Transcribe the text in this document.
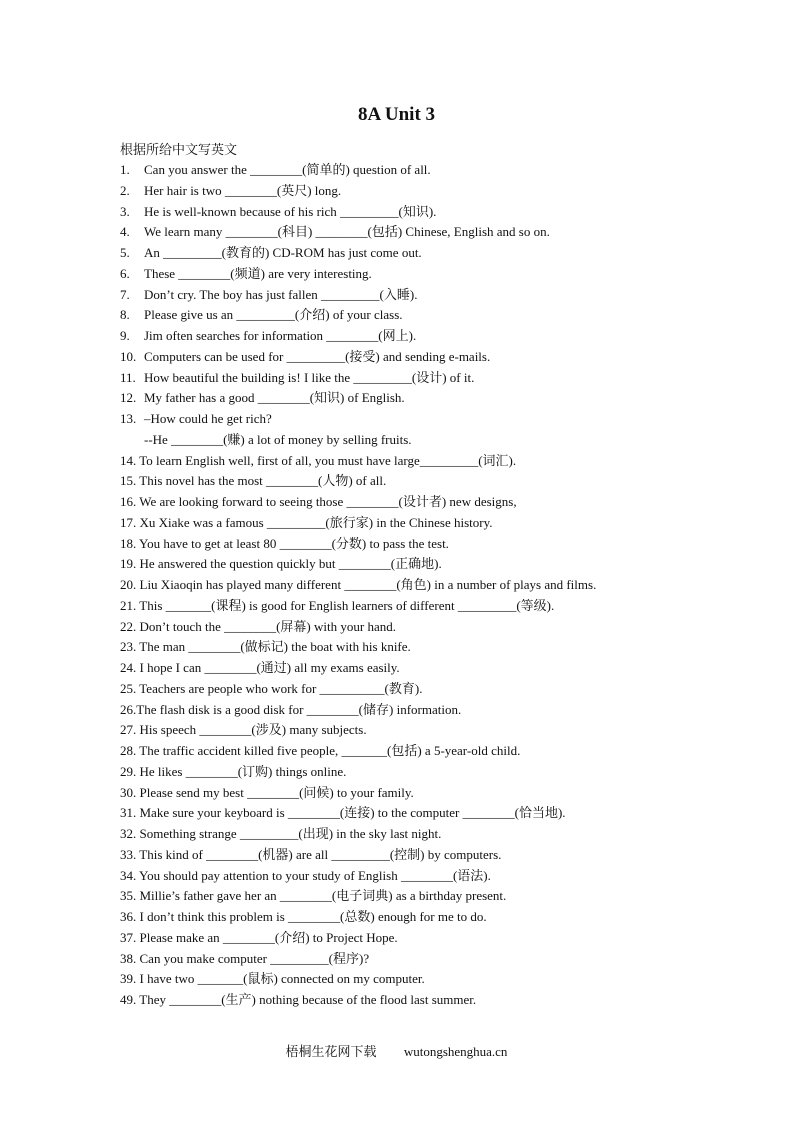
8A Unit 3
根据所给中文写英文
1. Can you answer the ________(简单的) question of all.
2. Her hair is two ________(英尺) long.
3. He is well-known because of his rich _________(知识).
4. We learn many ________(科目) ________(包括) Chinese, English and so on.
5. An _________(教育的) CD-ROM has just come out.
6. These ________(频道) are very interesting.
7. Don’t cry. The boy has just fallen _________(入睡).
8. Please give us an _________(介绍) of your class.
9. Jim often searches for information ________(网上).
10. Computers can be used for _________(接受) and sending e-mails.
11. How beautiful the building is! I like the _________(设计) of it.
12. My father has a good ________(知识) of English.
13. –How could he get rich?
--He ________(赚) a lot of money by selling fruits.
14. To learn English well, first of all, you must have large_________(词汇).
15. This novel has the most ________(人物) of all.
16. We are looking forward to seeing those ________(设计者) new designs,
17. Xu Xiake was a famous _________(旅行家) in the Chinese history.
18. You have to get at least 80 ________(分数) to pass the test.
19. He answered the question quickly but ________(正确地).
20. Liu Xiaoqin has played many different ________(角色) in a number of plays and films.
21. This _______(课程) is good for English learners of different _________(等级).
22. Don’t touch the ________(屏幕) with your hand.
23. The man ________(做标记) the boat with his knife.
24. I hope I can ________(通过) all my exams easily.
25. Teachers are people who work for __________(教育).
26.The flash disk is a good disk for ________(储存) information.
27. His speech ________(涉及) many subjects.
28. The traffic accident killed five people, _______(包括) a 5-year-old child.
29. He likes ________(订购) things online.
30. Please send my best ________(问候) to your family.
31. Make sure your keyboard is ________(连接) to the computer ________(恰当地).
32. Something strange _________(出现) in the sky last night.
33. This kind of ________(机器) are all _________(控制) by computers.
34. You should pay attention to your study of English ________(语法).
35. Millie’s father gave her an ________(电子词典) as a birthday present.
36. I don’t think this problem is ________(总数) enough for me to do.
37. Please make an ________(介绍) to Project Hope.
38. Can you make computer _________(程序)?
39. I have two _______(鼠标) connected on my computer.
49. They ________(生产) nothing because of the flood last summer.
梧桐生花网下载 wutongshenghua.cn
